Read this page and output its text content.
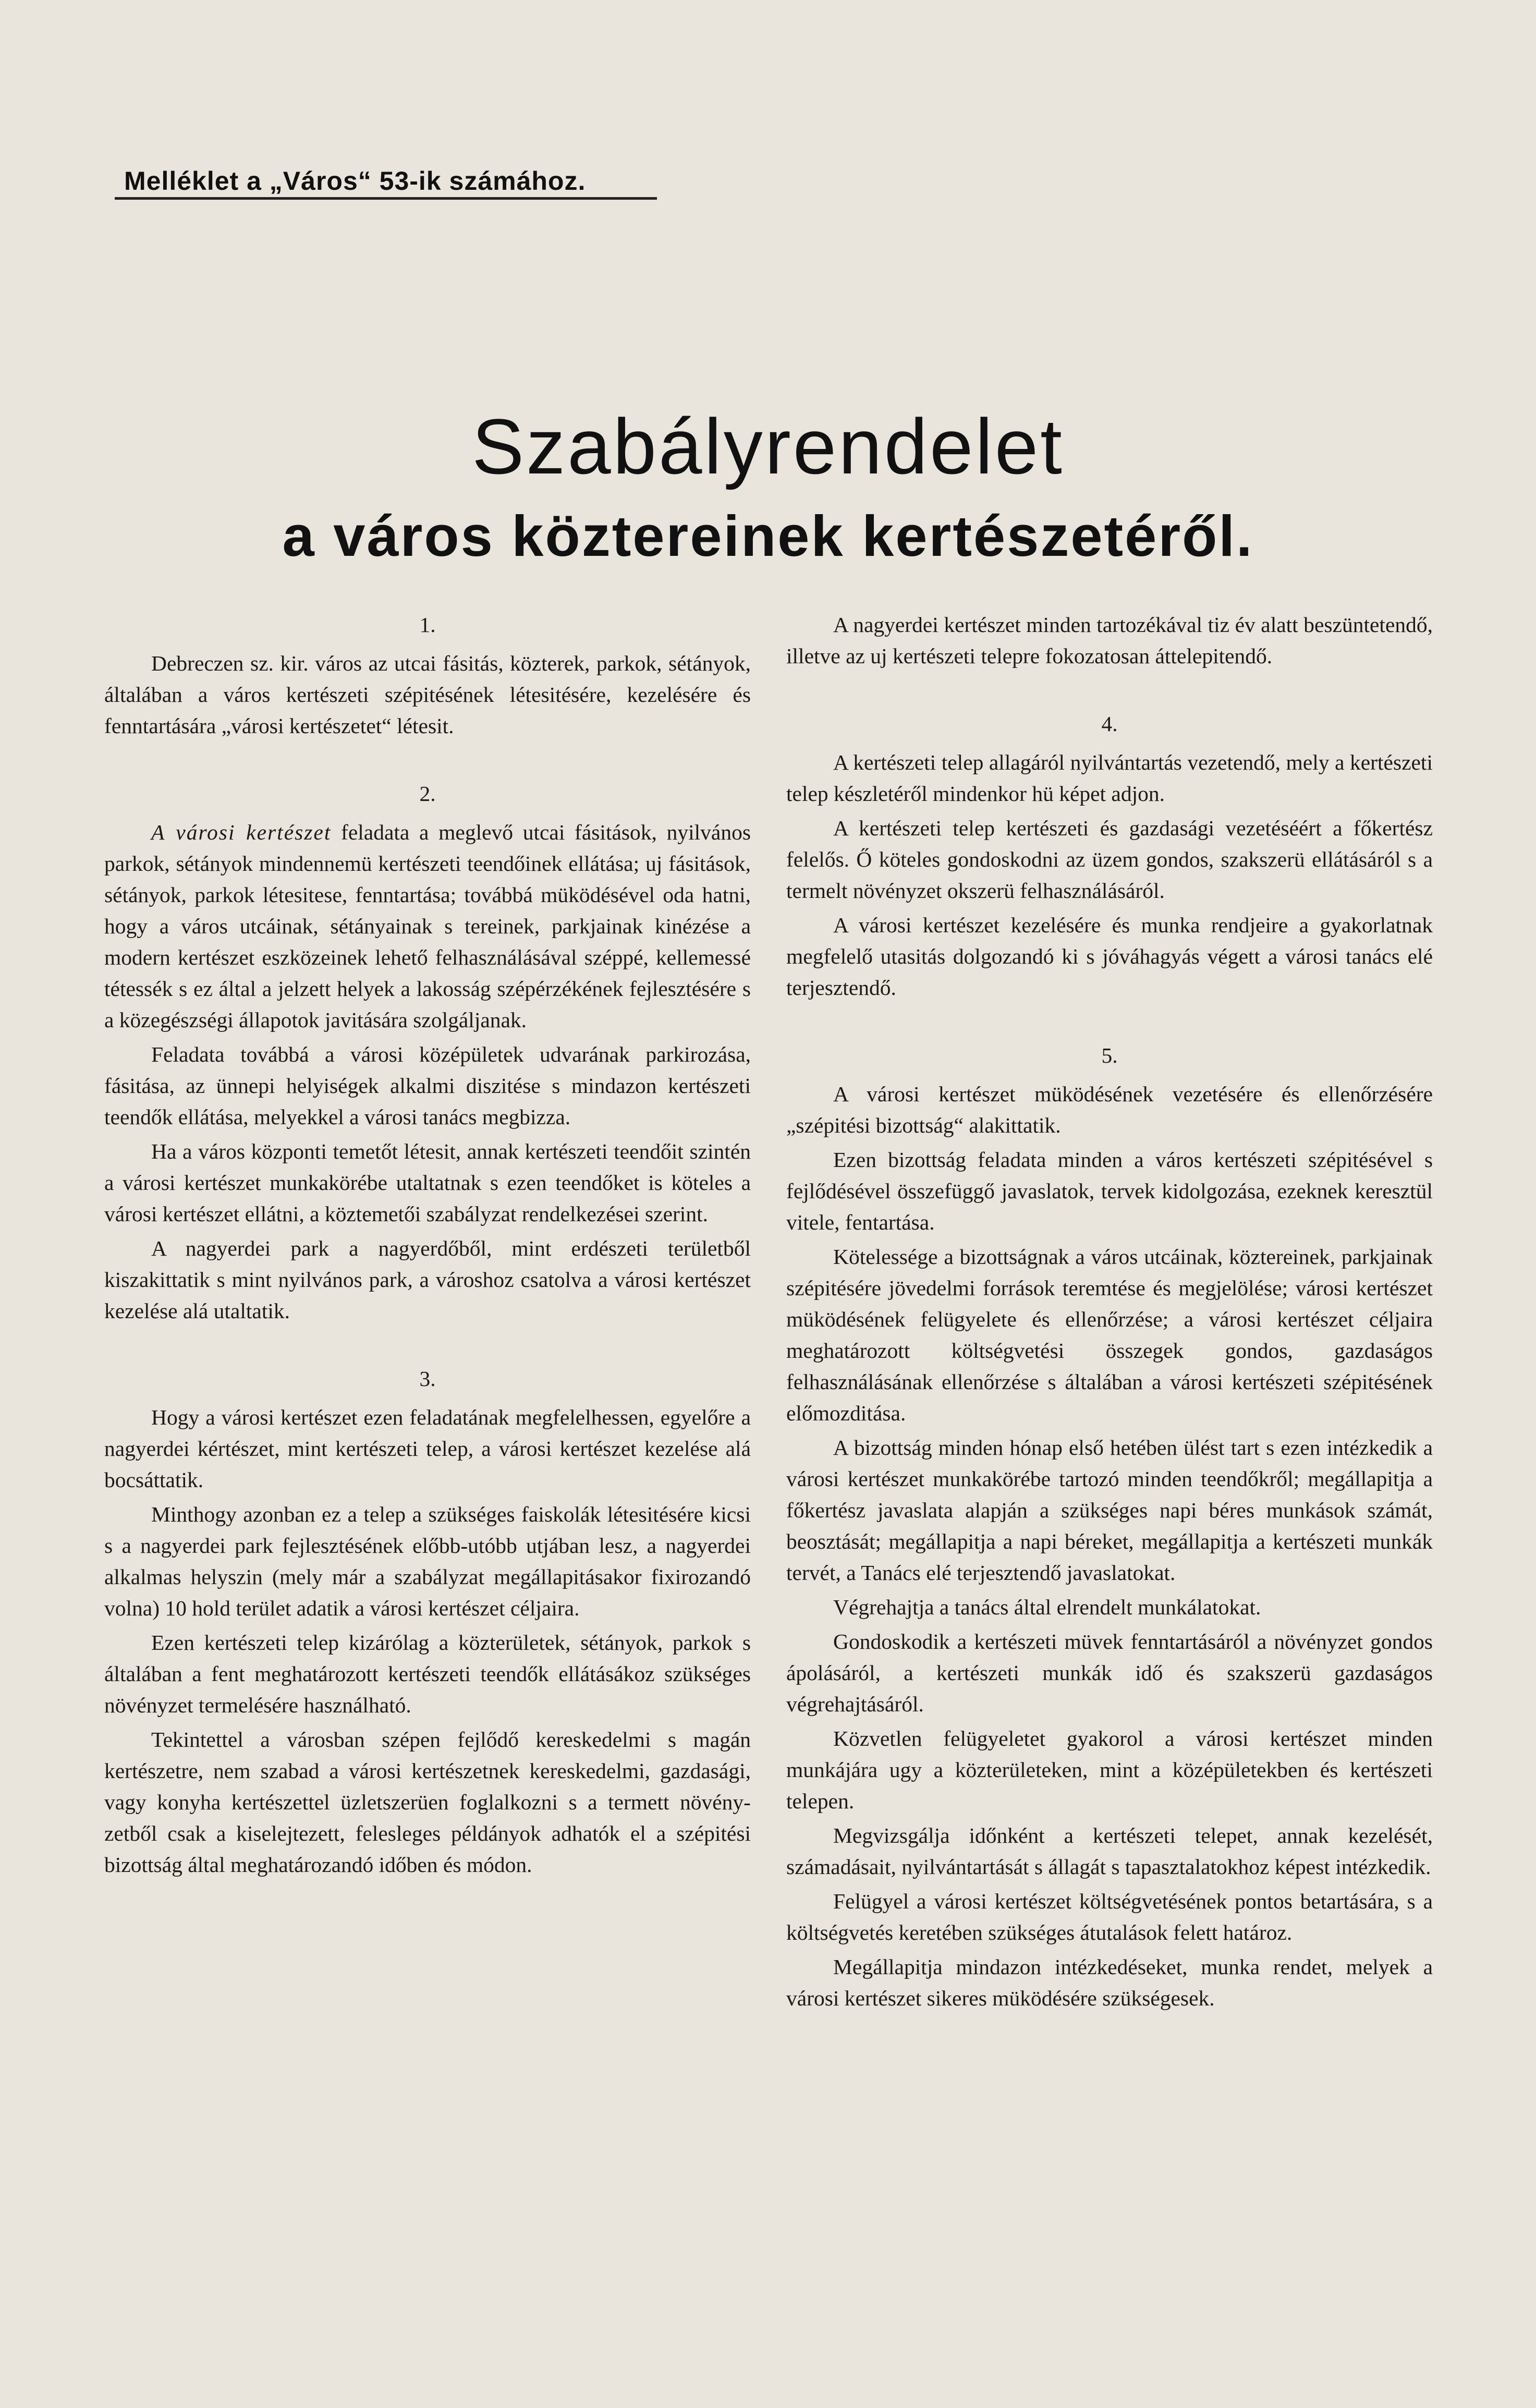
Melléklet a „Város“ 53-ik számához.
Szabályrendelet
a város köztereinek kertészetéről.

1.

Debreczen sz. kir. város az utcai fásitás, közterek, parkok, sétányok, általában a város kertészeti szépitésének létesitésére, kezelésére és fenntartására „városi kertészetet“ létesit.

2.

A városi kertészet feladata a meglevő utcai fásitások, nyilvános parkok, sétányok mindennemü kertészeti teendőinek ellátása; uj fásitások, sétányok, parkok létesitese, fenntartása; továbbá müködésével oda hatni, hogy a város utcáinak, sétányainak s tereinek, parkjainak kinézése a modern kertészet eszközeinek lehető felhasználásával széppé, kellemessé tétessék s ez által a jelzett helyek a lakosság szépérzékének fejlesztésére s a közegészségi állapotok javitására szolgáljanak.

Feladata továbbá a városi középületek udvarának parkirozása, fásitása, az ünnepi helyiségek alkalmi diszitése s mindazon kertészeti teendők ellátása, melyekkel a városi tanács megbizza.

Ha a város központi temetőt létesit, annak kertészeti teendőit szintén a városi kertészet munkakörébe utaltatnak s ezen teendőket is köteles a városi kertészet ellátni, a köztemetői szabályzat rendelkezései szerint.

A nagyerdei park a nagyerdőből, mint erdészeti területből kiszakittatik s mint nyilvános park, a városhoz csatolva a városi kertészet kezelése alá utaltatik.

3.

Hogy a városi kertészet ezen feladatának megfelelhessen, egyelőre a nagyerdei kértészet, mint kertészeti telep, a városi kertészet kezelése alá bocsáttatik.

Minthogy azonban ez a telep a szükséges faiskolák létesitésére kicsi s a nagyerdei park fejlesztésének előbb-utóbb utjában lesz, a nagyerdei alkalmas helyszin (mely már a szabályzat megállapitásakor fixirozandó volna) 10 hold terület adatik a városi kertészet céljaira.

Ezen kertészeti telep kizárólag a közterületek, sétányok, parkok s általában a fent meghatározott kertészeti teendők ellátásákoz szükséges növényzet termelésére használható.

Tekintettel a városban szépen fejlődő kereskedelmi s magán kertészetre, nem szabad a városi kertészetnek kereskedelmi, gazdasági, vagy konyha kertészettel üzletszerüen foglalkozni s a termett növényzetből csak a kiselejtezett, felesleges példányok adhatók el a szépitési bizottság által meghatározandó időben és módon.

A nagyerdei kertészet minden tartozékával tiz év alatt beszüntetendő, illetve az uj kertészeti telepre fokozatosan áttelepitendő.

4.

A kertészeti telep allagáról nyilvántartás vezetendő, mely a kertészeti telep készletéről mindenkor hü képet adjon.

A kertészeti telep kertészeti és gazdasági vezetéséért a főkertész felelős. Ő köteles gondoskodni az üzem gondos, szakszerü ellátásáról s a termelt növényzet okszerü felhasználásáról.

A városi kertészet kezelésére és munka rendjeire a gyakorlatnak megfelelő utasitás dolgozandó ki s jóváhagyás végett a városi tanács elé terjesztendő.

5.

A városi kertészet müködésének vezetésére és ellenőrzésére „szépitési bizottság“ alakittatik.

Ezen bizottság feladata minden a város kertészeti szépitésével s fejlődésével összefüggő javaslatok, tervek kidolgozása, ezeknek keresztül vitele, fentartása.

Kötelessége a bizottságnak a város utcáinak, köztereinek, parkjainak szépitésére jövedelmi források teremtése és megjelölése; városi kertészet müködésének felügyelete és ellenőrzése; a városi kertészet céljaira meghatározott költségvetési összegek gondos, gazdaságos felhasználásának ellenőrzése s általában a városi kertészeti szépitésének előmozditása.

A bizottság minden hónap első hetében ülést tart s ezen intézkedik a városi kertészet munkakörébe tartozó minden teendőkről; megállapitja a főkertész javaslata alapján a szükséges napi béres munkások számát, beosztását; megállapitja a napi béreket, megállapitja a kertészeti munkák tervét, a Tanács elé terjesztendő javaslatokat.

Végrehajtja a tanács által elrendelt munkálatokat.

Gondoskodik a kertészeti müvek fenntartásáról a növényzet gondos ápolásáról, a kertészeti munkák idő és szakszerü gazdaságos végrehajtásáról.

Közvetlen felügyeletet gyakorol a városi kertészet minden munkájára ugy a közterületeken, mint a középületekben és kertészeti telepen.

Megvizsgálja időnként a kertészeti telepet, annak kezelését, számadásait, nyilvántartását s állagát s tapasztalatokhoz képest intézkedik.

Felügyel a városi kertészet költségvetésének pontos betartására, s a költségvetés keretében szükséges átutalások felett határoz.

Megállapitja mindazon intézkedéseket, munka rendet, melyek a városi kertészet sikeres müködésére szükségesek.
